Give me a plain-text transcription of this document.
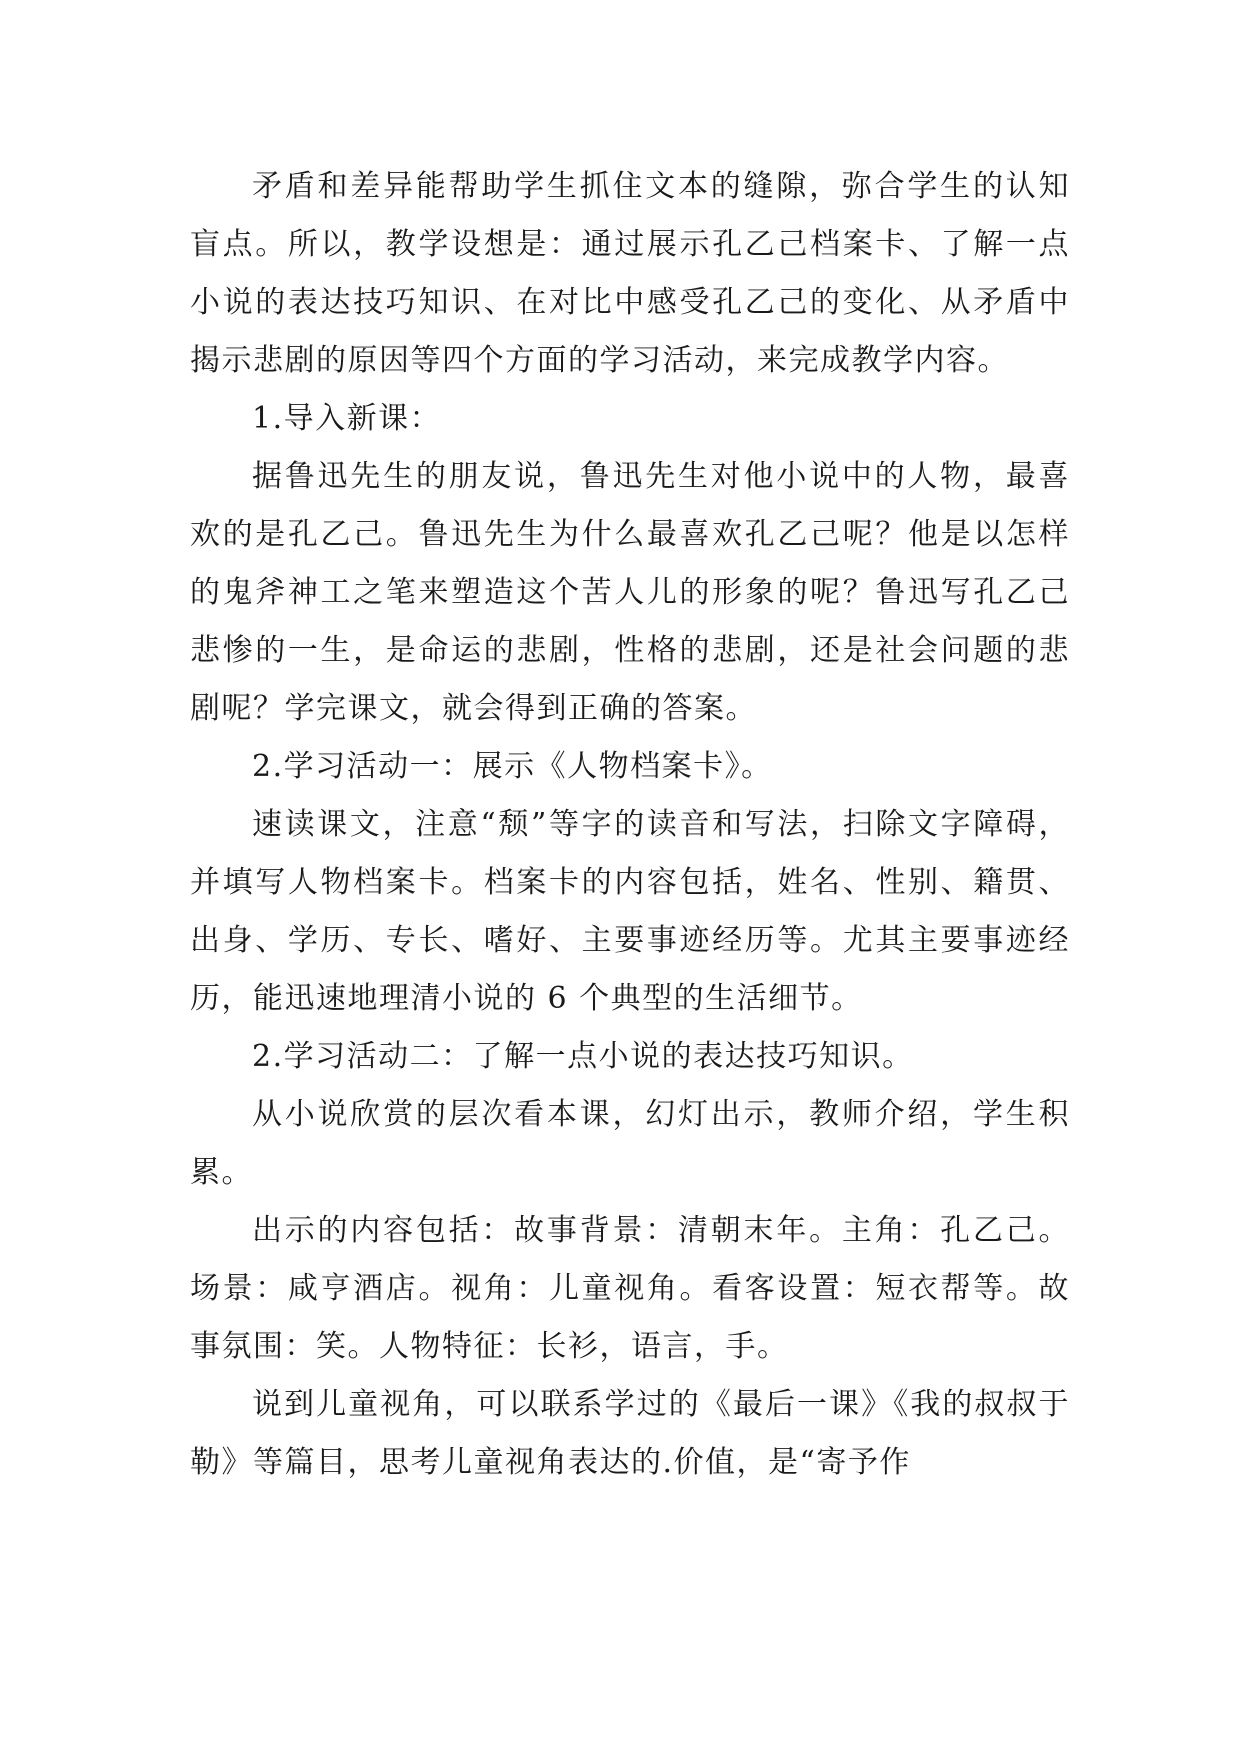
矛盾和差异能帮助学生抓住文本的缝隙，弥合学生的认知盲点。所以，教学设想是：通过展示孔乙己档案卡、了解一点小说的表达技巧知识、在对比中感受孔乙己的变化、从矛盾中揭示悲剧的原因等四个方面的学习活动，来完成教学内容。

1.导入新课：

据鲁迅先生的朋友说，鲁迅先生对他小说中的人物，最喜欢的是孔乙己。鲁迅先生为什么最喜欢孔乙己呢？他是以怎样的鬼斧神工之笔来塑造这个苦人儿的形象的呢？鲁迅写孔乙己悲惨的一生，是命运的悲剧，性格的悲剧，还是社会问题的悲剧呢？学完课文，就会得到正确的答案。

2.学习活动一：展示《人物档案卡》。

速读课文，注意“颓”等字的读音和写法，扫除文字障碍，并填写人物档案卡。档案卡的内容包括，姓名、性别、籍贯、出身、学历、专长、嗜好、主要事迹经历等。尤其主要事迹经历，能迅速地理清小说的 6 个典型的生活细节。

2.学习活动二：了解一点小说的表达技巧知识。

从小说欣赏的层次看本课，幻灯出示，教师介绍，学生积累。

出示的内容包括：故事背景：清朝末年。主角：孔乙己。场景：咸亨酒店。视角：儿童视角。看客设置：短衣帮等。故事氛围：笑。人物特征：长衫，语言，手。

说到儿童视角，可以联系学过的《最后一课》《我的叔叔于勒》等篇目，思考儿童视角表达的.价值，是“寄予作
